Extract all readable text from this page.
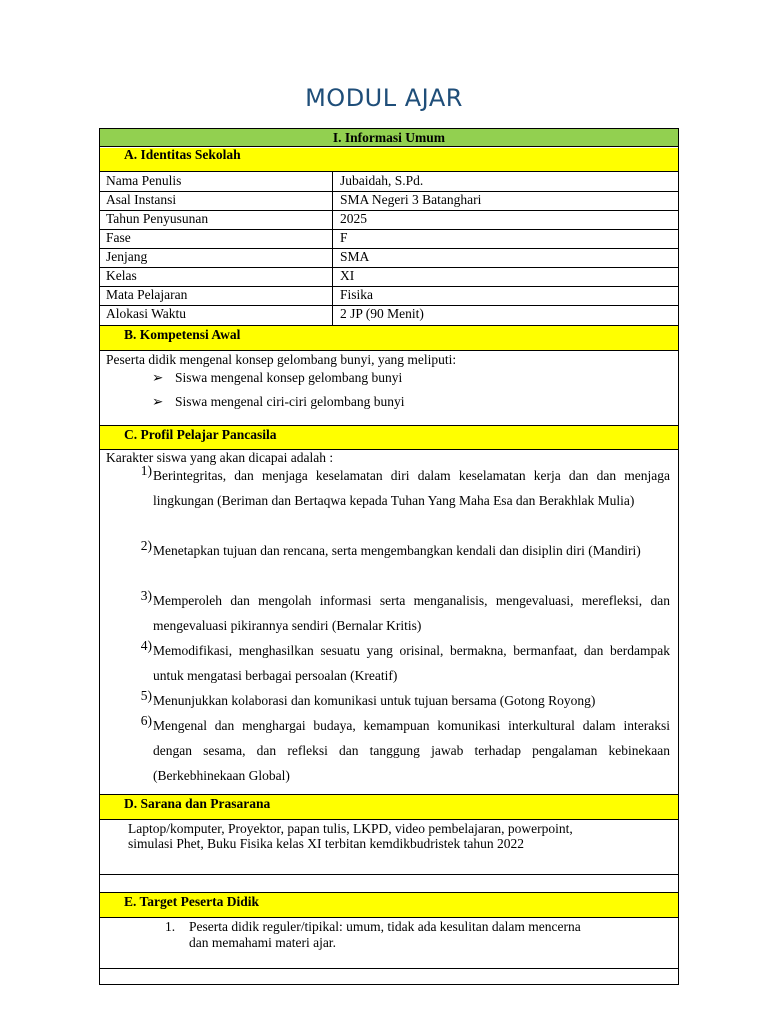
MODUL AJAR
I. Informasi Umum
A. Identitas Sekolah
Nama Penulis	Jubaidah, S.Pd.
Asal Instansi	SMA Negeri 3 Batanghari
Tahun Penyusunan	2025
Fase	F
Jenjang	SMA
Kelas	XI
Mata Pelajaran	Fisika
Alokasi Waktu	2 JP (90 Menit)
B. Kompetensi Awal
Peserta didik mengenal konsep gelombang bunyi, yang meliputi:
➢ Siswa mengenal konsep gelombang bunyi
➢ Siswa mengenal ciri-ciri gelombang bunyi
C. Profil Pelajar Pancasila
Karakter siswa yang akan dicapai adalah :
1) Berintegritas, dan menjaga keselamatan diri dalam keselamatan kerja dan dan menjaga lingkungan (Beriman dan Bertaqwa kepada Tuhan Yang Maha Esa dan Berakhlak Mulia)
2) Menetapkan tujuan dan rencana, serta mengembangkan kendali dan disiplin diri (Mandiri)
3) Memperoleh dan mengolah informasi serta menganalisis, mengevaluasi, merefleksi, dan mengevaluasi pikirannya sendiri (Bernalar Kritis)
4) Memodifikasi, menghasilkan sesuatu yang orisinal, bermakna, bermanfaat, dan berdampak untuk mengatasi berbagai persoalan (Kreatif)
5) Menunjukkan kolaborasi dan komunikasi untuk tujuan bersama (Gotong Royong)
6) Mengenal dan menghargai budaya, kemampuan komunikasi interkultural dalam interaksi dengan sesama, dan refleksi dan tanggung jawab terhadap pengalaman kebinekaan (Berkebhinekaan Global)
D. Sarana dan Prasarana
Laptop/komputer, Proyektor, papan tulis, LKPD, video pembelajaran, powerpoint,
simulasi Phet, Buku Fisika kelas XI terbitan kemdikbudristek tahun 2022
E. Target Peserta Didik
1. Peserta didik reguler/tipikal: umum, tidak ada kesulitan dalam mencerna
dan memahami materi ajar.
